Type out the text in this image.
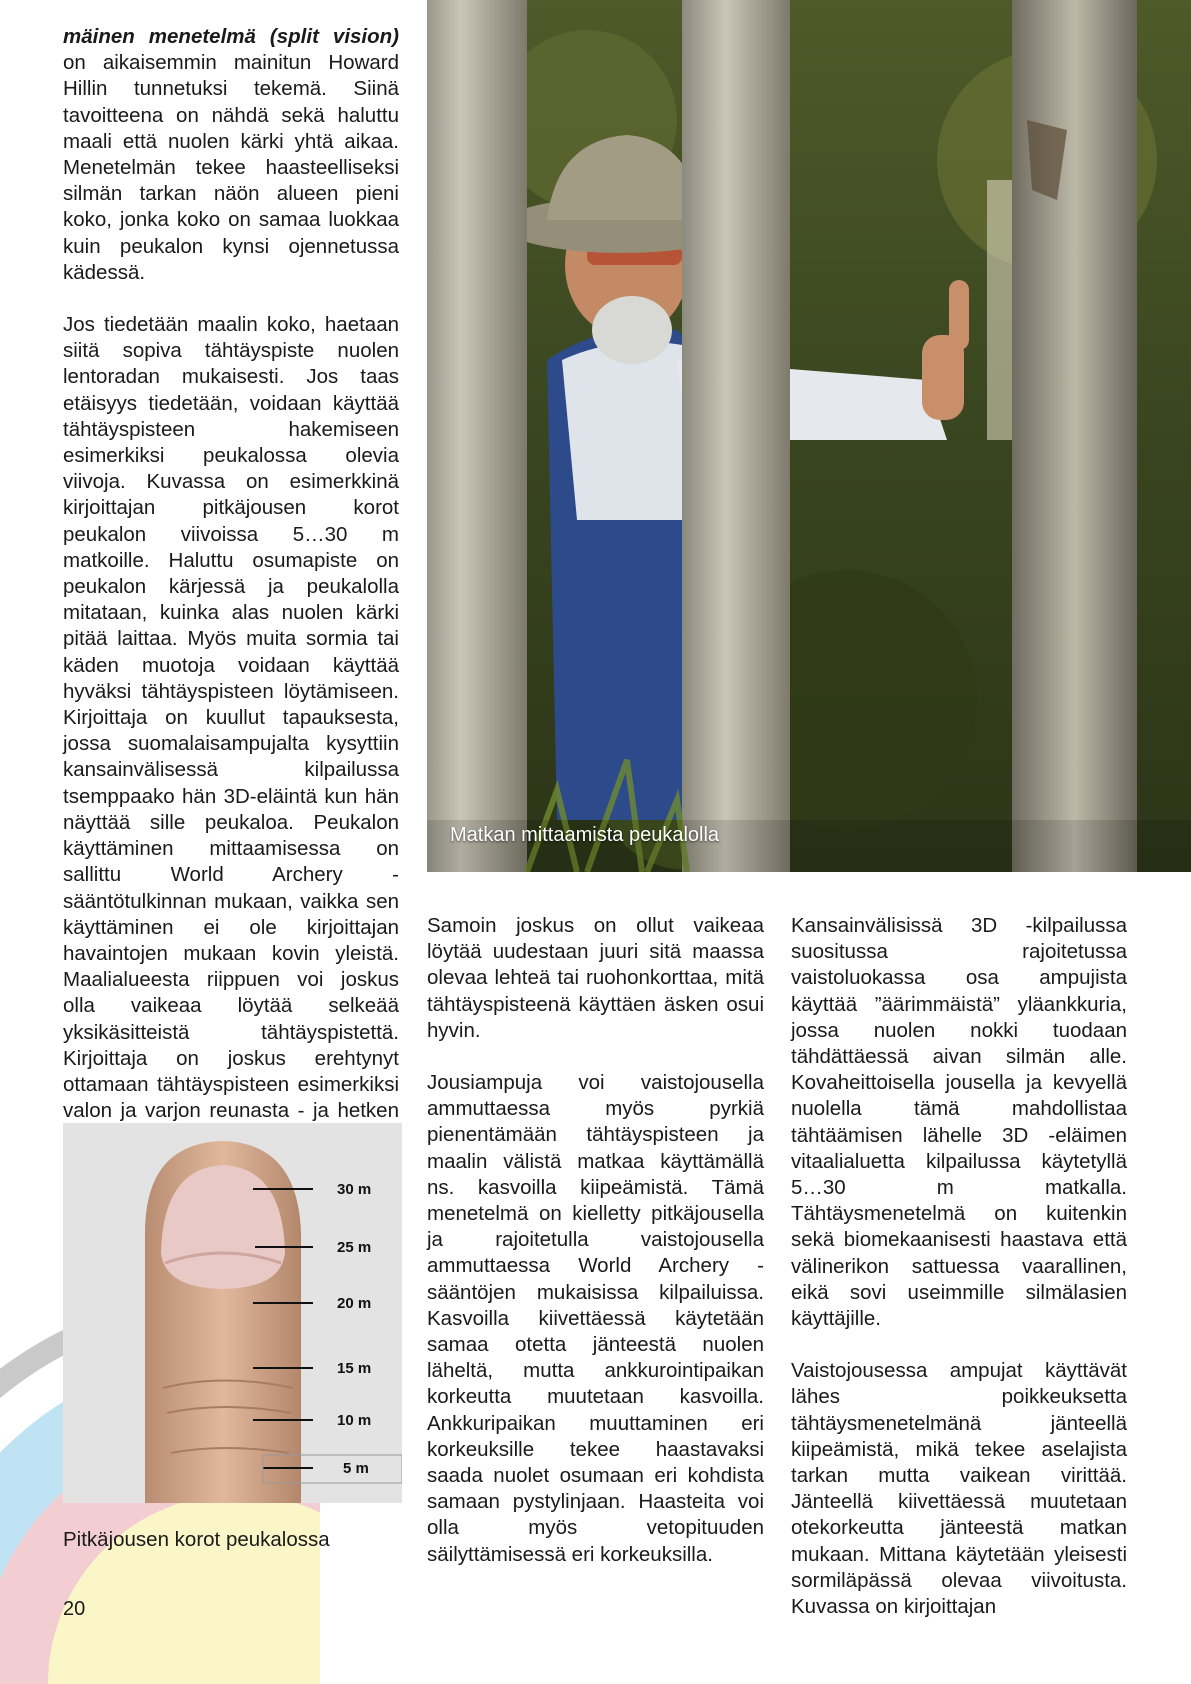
mäinen menetelmä (split vision) on aikaisemmin mainitun Howard Hillin tunnetuksi tekemä. Siinä tavoitteena on nähdä sekä haluttu maali että nuolen kärki yhtä aikaa. Menetelmän tekee haasteelliseksi silmän tarkan näön alueen pieni koko, jonka koko on samaa luokkaa kuin peukalon kynsi ojennetussa kädessä.

Jos tiedetään maalin koko, haetaan siitä sopiva tähtäyspiste nuolen lentoradan mukaisesti. Jos taas etäisyys tiedetään, voidaan käyttää tähtäyspisteen hakemiseen esimerkiksi peukalossa olevia viivoja. Kuvassa on esimerkkinä kirjoittajan pitkäjousen korot peukalon viivoissa 5…30 m matkoille. Haluttu osumapiste on peukalon kärjessä ja peukalolla mitataan, kuinka alas nuolen kärki pitää laittaa. Myös muita sormia tai käden muotoja voidaan käyttää hyväksi tähtäyspisteen löytämiseen. Kirjoittaja on kuullut tapauksesta, jossa suomalaisampujalta kysyttiin kansainvälisessä kilpailussa tsemppaako hän 3D-eläintä kun hän näyttää sille peukaloa. Peukalon käyttäminen mittaamisessa on sallittu World Archery -sääntötulkinnan mukaan, vaikka sen käyttäminen ei ole kirjoittajan havaintojen mukaan kovin yleistä. Maalialueesta riippuen voi joskus olla vaikeaa löytää selkeää yksikäsitteistä tähtäyspistettä. Kirjoittaja on joskus erehtynyt ottamaan tähtäyspisteen esimerkiksi valon ja varjon reunasta - ja hetken

Matkan mittaamista peukalolla

Samoin joskus on ollut vaikeaa löytää uudestaan juuri sitä maassa olevaa lehteä tai ruohonkorttaa, mitä tähtäyspisteenä käyttäen äsken osui hyvin.

Jousiampuja voi vaistojousella ammuttaessa myös pyrkiä pienentämään tähtäyspisteen ja maalin välistä matkaa käyttämällä ns. kasvoilla kiipeämistä. Tämä menetelmä on kielletty pitkäjousella ja rajoitetulla vaistojousella ammuttaessa World Archery -sääntöjen mukaisissa kilpailuissa. Kasvoilla kiivettäessä käytetään samaa otetta jänteestä nuolen läheltä, mutta ankkurointipaikan korkeutta muutetaan kasvoilla. Ankkuripaikan muuttaminen eri korkeuksille tekee haastavaksi saada nuolet osumaan eri kohdista samaan pystylinjaan. Haasteita voi olla myös vetopituuden säilyttämisessä eri korkeuksilla.

Kansainvälisissä 3D -kilpailussa suositussa rajoitetussa vaistoluokassa osa ampujista käyttää ”äärimmäistä” yläankkuria, jossa nuolen nokki tuodaan tähdättäessä aivan silmän alle. Kovaheittoisella jousella ja kevyellä nuolella tämä mahdollistaa tähtäämisen lähelle 3D -eläimen vitaalialuetta kilpailussa käytetyllä 5…30 m matkalla. Tähtäysmenetelmä on kuitenkin sekä biomekaanisesti haastava että välinerikon sattuessa vaarallinen, eikä sovi useimmille silmälasien käyttäjille.

Vaistojousessa ampujat käyttävät lähes poikkeuksetta tähtäysmenetelmänä jänteellä kiipeämistä, mikä tekee aselajista tarkan mutta vaikean virittää. Jänteellä kiivettäessä muutetaan otekorkeutta jänteestä matkan mukaan. Mittana käytetään yleisesti sormiläpässä olevaa viivoitusta. Kuvassa on kirjoittajan

30 m
25 m
20 m
15 m
10 m
5 m
Pitkäjousen korot peukalossa
20
